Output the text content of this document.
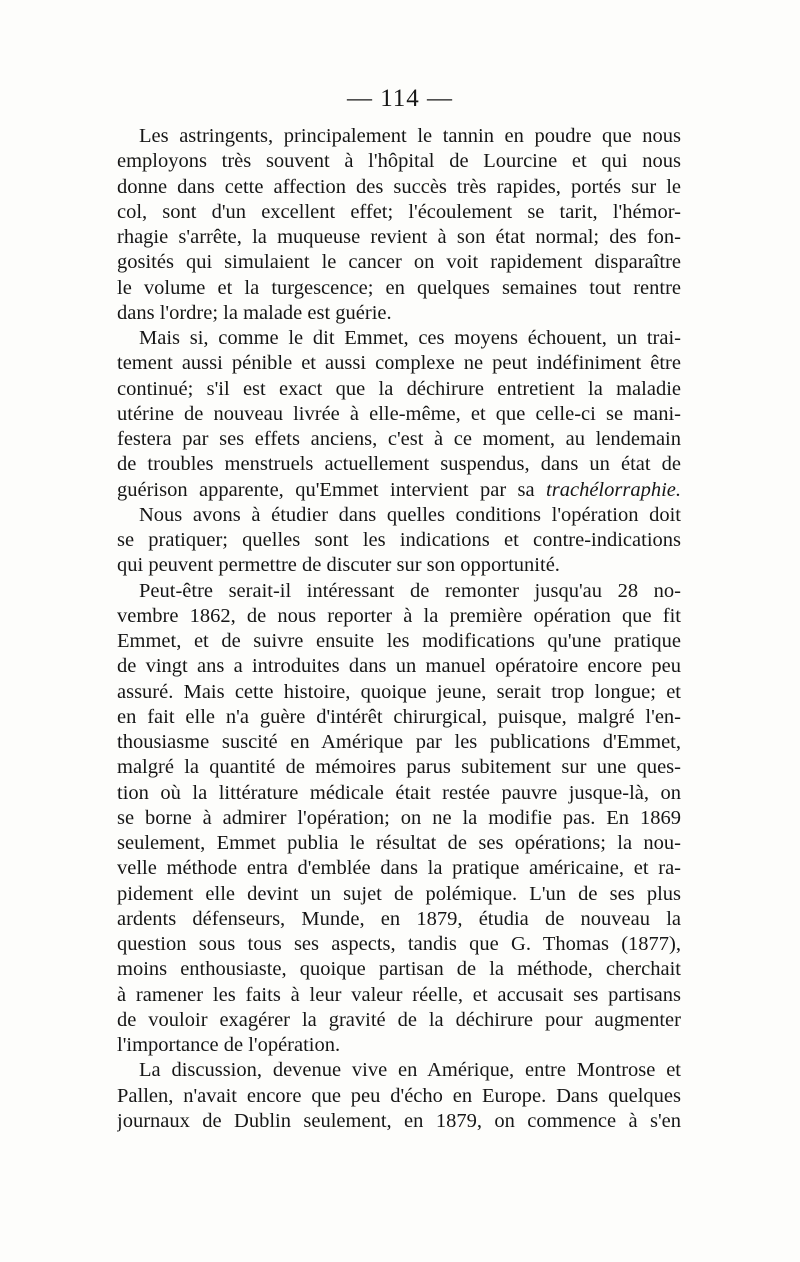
— 114 —
Les astringents, principalement le tannin en poudre que nous
employons très souvent à l'hôpital de Lourcine et qui nous
donne dans cette affection des succès très rapides, portés sur le
col, sont d'un excellent effet; l'écoulement se tarit, l'hémor-
rhagie s'arrête, la muqueuse revient à son état normal; des fon-
gosités qui simulaient le cancer on voit rapidement disparaître
le volume et la turgescence; en quelques semaines tout rentre
dans l'ordre; la malade est guérie.
Mais si, comme le dit Emmet, ces moyens échouent, un trai-
tement aussi pénible et aussi complexe ne peut indéfiniment être
continué; s'il est exact que la déchirure entretient la maladie
utérine de nouveau livrée à elle-même, et que celle-ci se mani-
festera par ses effets anciens, c'est à ce moment, au lendemain
de troubles menstruels actuellement suspendus, dans un état de
guérison apparente, qu'Emmet intervient par sa trachélorraphie.
Nous avons à étudier dans quelles conditions l'opération doit
se pratiquer; quelles sont les indications et contre-indications
qui peuvent permettre de discuter sur son opportunité.
Peut-être serait-il intéressant de remonter jusqu'au 28 no-
vembre 1862, de nous reporter à la première opération que fit
Emmet, et de suivre ensuite les modifications qu'une pratique
de vingt ans a introduites dans un manuel opératoire encore peu
assuré. Mais cette histoire, quoique jeune, serait trop longue; et
en fait elle n'a guère d'intérêt chirurgical, puisque, malgré l'en-
thousiasme suscité en Amérique par les publications d'Emmet,
malgré la quantité de mémoires parus subitement sur une ques-
tion où la littérature médicale était restée pauvre jusque-là, on
se borne à admirer l'opération; on ne la modifie pas. En 1869
seulement, Emmet publia le résultat de ses opérations; la nou-
velle méthode entra d'emblée dans la pratique américaine, et ra-
pidement elle devint un sujet de polémique. L'un de ses plus
ardents défenseurs, Munde, en 1879, étudia de nouveau la
question sous tous ses aspects, tandis que G. Thomas (1877),
moins enthousiaste, quoique partisan de la méthode, cherchait
à ramener les faits à leur valeur réelle, et accusait ses partisans
de vouloir exagérer la gravité de la déchirure pour augmenter
l'importance de l'opération.
La discussion, devenue vive en Amérique, entre Montrose et
Pallen, n'avait encore que peu d'écho en Europe. Dans quelques
journaux de Dublin seulement, en 1879, on commence à s'en
